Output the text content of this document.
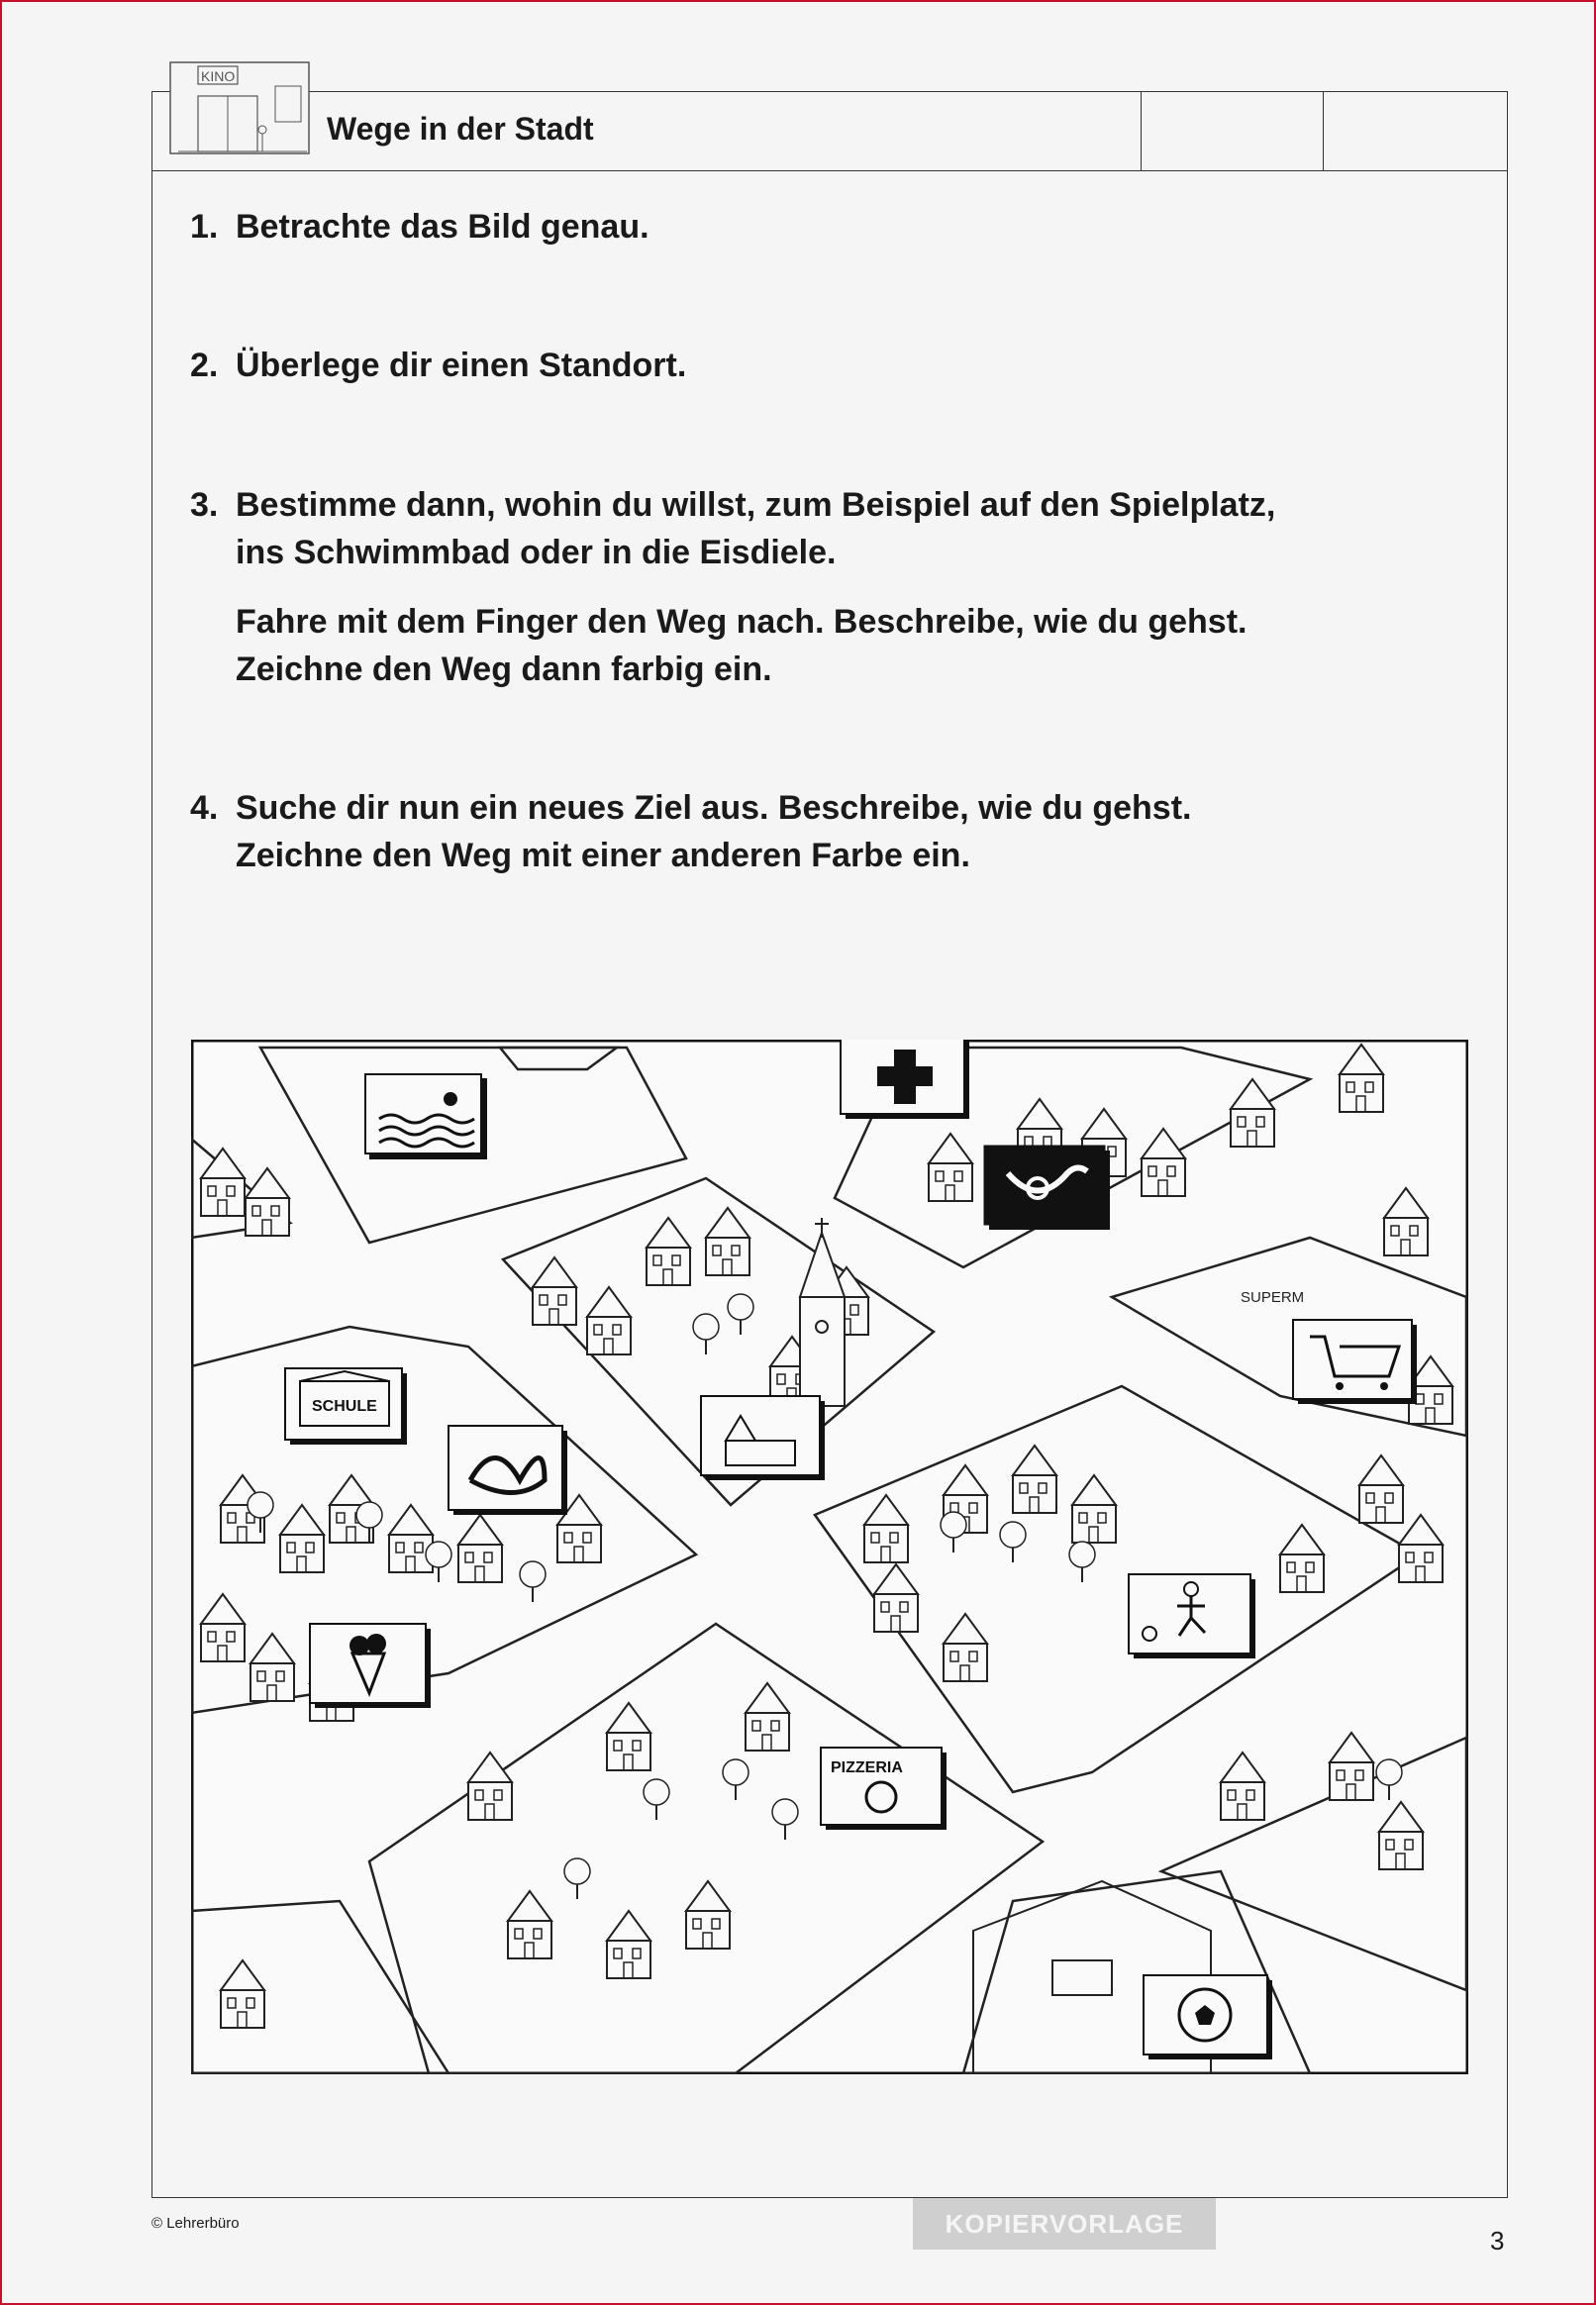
KINO
Wege in der Stadt
1. Betrachte das Bild genau.
2. Überlege dir einen Standort.
3. Bestimme dann, wohin du willst, zum Beispiel auf den Spielplatz,
ins Schwimmbad oder in die Eisdiele.
Fahre mit dem Finger den Weg nach. Beschreibe, wie du gehst.
Zeichne den Weg dann farbig ein.
4. Suche dir nun ein neues Ziel aus. Beschreibe, wie du gehst.
Zeichne den Weg mit einer anderen Farbe ein.
SUPERM
SCHULE
PIZZERIA
© Lehrerbüro	KOPIERVORLAGE
3
